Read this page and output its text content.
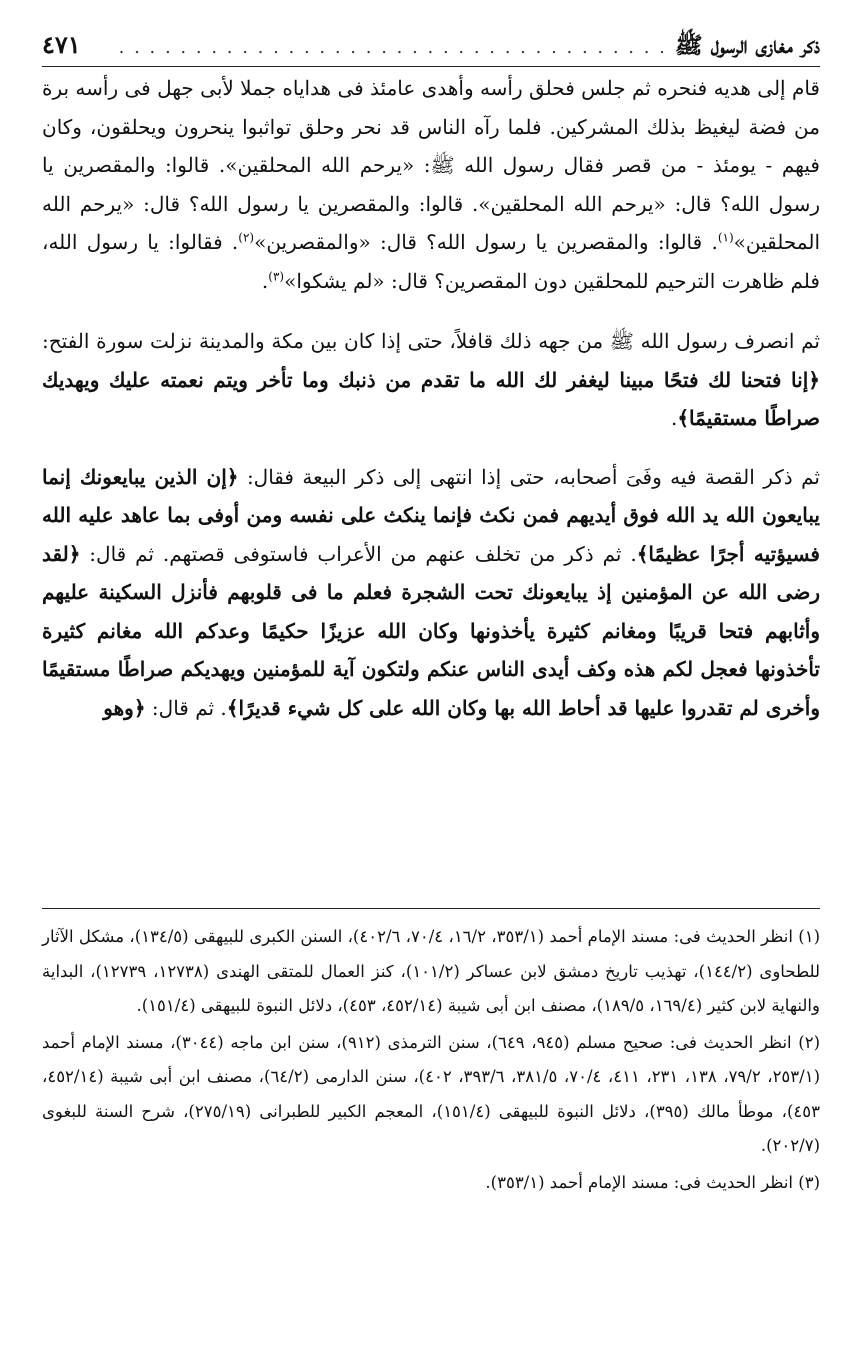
ذكر مغازى الرسول ﷺ
. . . . . . . . . . . . . . . . . . . . . . . . . . . . . . . . . . . .
٤٧١

قام إلى هديه فنحره ثم جلس فحلق رأسه وأهدى عامئذ فى هداياه جملا لأبى جهل فى رأسه برة من فضة ليغيظ بذلك المشركين. فلما رآه الناس قد نحر وحلق تواثبوا ينحرون ويحلقون، وكان فيهم - يومئذ - من قصر فقال رسول الله ﷺ: «يرحم الله المحلقين». قالوا: والمقصرين يا رسول الله؟ قال: «يرحم الله المحلقين». قالوا: والمقصرين يا رسول الله؟ قال: «يرحم الله المحلقين»$^{(١)}$. قالوا: والمقصرين يا رسول الله؟ قال: «والمقصرين»$^{(٢)}$. فقالوا: يا رسول الله، فلم ظاهرت الترحيم للمحلقين دون المقصرين؟ قال: «لم يشكوا»$^{(٣)}$.

ثم انصرف رسول الله ﷺ من جهه ذلك قافلاً، حتى إذا كان بين مكة والمدينة نزلت سورة الفتح: ﴿إنا فتحنا لك فتحًا مبينا ليغفر لك الله ما تقدم من ذنبك وما تأخر ويتم نعمته عليك ويهديك صراطًا مستقيمًا﴾.

ثم ذكر القصة فيه وفَىَ أصحابه، حتى إذا انتهى إلى ذكر البيعة فقال: ﴿إن الذين يبايعونك إنما يبايعون الله يد الله فوق أيديهم فمن نكث فإنما ينكث على نفسه ومن أوفى بما عاهد عليه الله فسيؤتيه أجرًا عظيمًا﴾. ثم ذكر من تخلف عنهم من الأعراب فاستوفى قصتهم. ثم قال: ﴿لقد رضى الله عن المؤمنين إذ يبايعونك تحت الشجرة فعلم ما فى قلوبهم فأنزل السكينة عليهم وأثابهم فتحا قريبًا ومغانم كثيرة يأخذونها وكان الله عزيزًا حكيمًا وعدكم الله مغانم كثيرة تأخذونها فعجل لكم هذه وكف أيدى الناس عنكم ولتكون آية للمؤمنين ويهديكم صراطًا مستقيمًا وأخرى لم تقدروا عليها قد أحاط الله بها وكان الله على كل شيء قديرًا﴾. ثم قال: ﴿وهو

(١) انظر الحديث فى: مسند الإمام أحمد (٣٥٣/١، ١٦/٢، ٧٠/٤، ٤٠٢/٦)، السنن الكبرى للبيهقى (١٣٤/٥)، مشكل الآثار للطحاوى (١٤٤/٢)، تهذيب تاريخ دمشق لابن عساكر (١٠١/٢)، كنز العمال للمتقى الهندى (١٢٧٣٨، ١٢٧٣٩)، البداية والنهاية لابن كثير (١٦٩/٤، ١٨٩/٥)، مصنف ابن أبى شيبة (٤٥٢/١٤، ٤٥٣)، دلائل النبوة للبيهقى (١٥١/٤).

(٢) انظر الحديث فى: صحيح مسلم (٩٤٥، ٦٤٩)، سنن الترمذى (٩١٢)، سنن ابن ماجه (٣٠٤٤)، مسند الإمام أحمد (٢٥٣/١، ٧٩/٢، ١٣٨، ٢٣١، ٤١١، ٧٠/٤، ٣٨١/٥، ٣٩٣/٦، ٤٠٢)، سنن الدارمى (٦٤/٢)، مصنف ابن أبى شيبة (٤٥٢/١٤، ٤٥٣)، موطأ مالك (٣٩٥)، دلائل النبوة للبيهقى (١٥١/٤)، المعجم الكبير للطبرانى (٢٧٥/١٩)، شرح السنة للبغوى (٢٠٢/٧).

(٣) انظر الحديث فى: مسند الإمام أحمد (٣٥٣/١).
